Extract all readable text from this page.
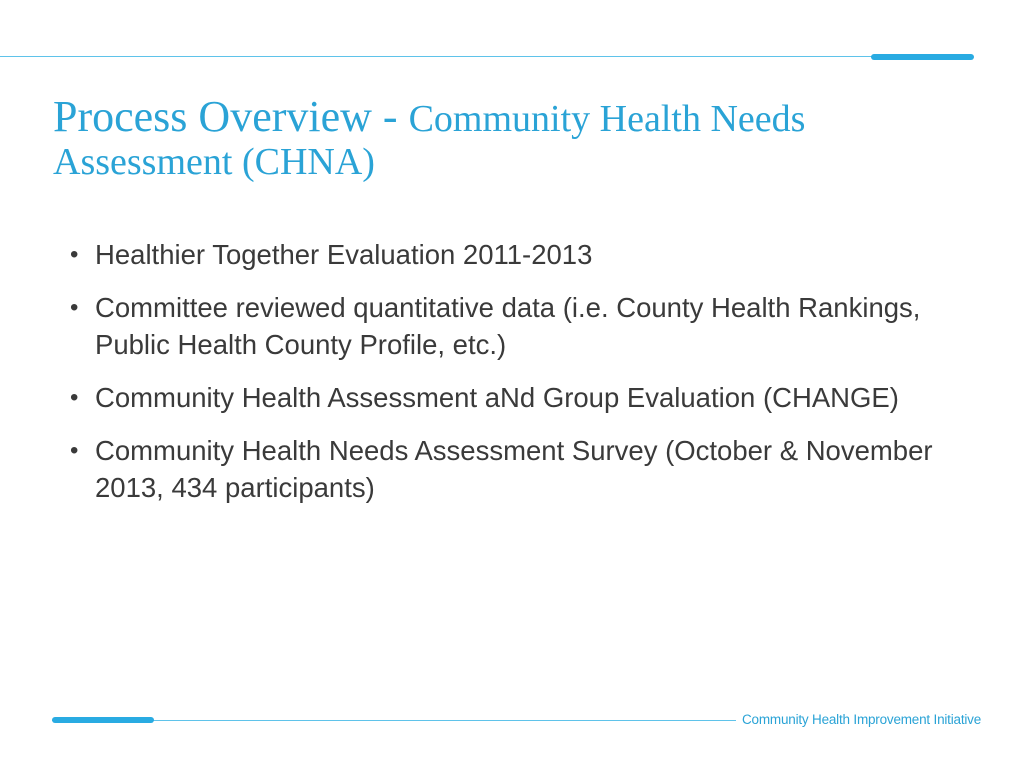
Process Overview - Community Health Needs Assessment (CHNA)
• Healthier Together Evaluation 2011-2013
• Committee reviewed quantitative data (i.e. County Health Rankings, Public Health County Profile, etc.)
• Community Health Assessment aNd Group Evaluation (CHANGE)
• Community Health Needs Assessment Survey (October & November 2013, 434 participants)
Community Health Improvement Initiative
